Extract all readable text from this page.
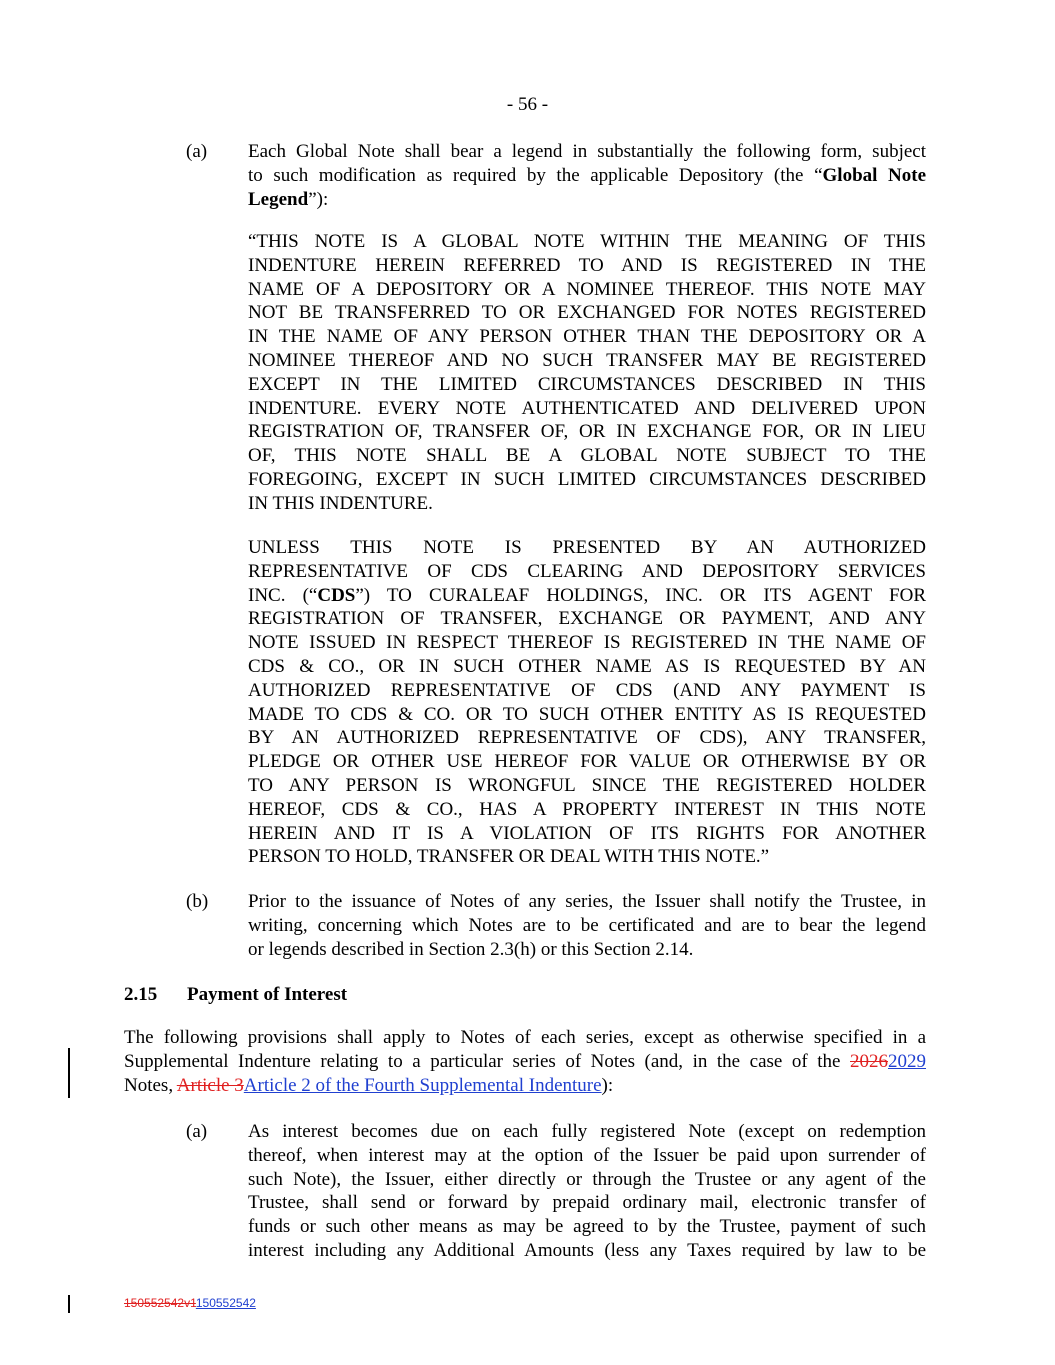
- 56 -
(a) Each Global Note shall bear a legend in substantially the following form, subject
to such modification as required by the applicable Depository (the “Global Note
Legend”):
“THIS NOTE IS A GLOBAL NOTE WITHIN THE MEANING OF THIS
INDENTURE HEREIN REFERRED TO AND IS REGISTERED IN THE
NAME OF A DEPOSITORY OR A NOMINEE THEREOF. THIS NOTE MAY
NOT BE TRANSFERRED TO OR EXCHANGED FOR NOTES REGISTERED
IN THE NAME OF ANY PERSON OTHER THAN THE DEPOSITORY OR A
NOMINEE THEREOF AND NO SUCH TRANSFER MAY BE REGISTERED
EXCEPT IN THE LIMITED CIRCUMSTANCES DESCRIBED IN THIS
INDENTURE. EVERY NOTE AUTHENTICATED AND DELIVERED UPON
REGISTRATION OF, TRANSFER OF, OR IN EXCHANGE FOR, OR IN LIEU
OF, THIS NOTE SHALL BE A GLOBAL NOTE SUBJECT TO THE
FOREGOING, EXCEPT IN SUCH LIMITED CIRCUMSTANCES DESCRIBED
IN THIS INDENTURE.
UNLESS THIS NOTE IS PRESENTED BY AN AUTHORIZED
REPRESENTATIVE OF CDS CLEARING AND DEPOSITORY SERVICES
INC. (“CDS”) TO CURALEAF HOLDINGS, INC. OR ITS AGENT FOR
REGISTRATION OF TRANSFER, EXCHANGE OR PAYMENT, AND ANY
NOTE ISSUED IN RESPECT THEREOF IS REGISTERED IN THE NAME OF
CDS & CO., OR IN SUCH OTHER NAME AS IS REQUESTED BY AN
AUTHORIZED REPRESENTATIVE OF CDS (AND ANY PAYMENT IS
MADE TO CDS & CO. OR TO SUCH OTHER ENTITY AS IS REQUESTED
BY AN AUTHORIZED REPRESENTATIVE OF CDS), ANY TRANSFER,
PLEDGE OR OTHER USE HEREOF FOR VALUE OR OTHERWISE BY OR
TO ANY PERSON IS WRONGFUL SINCE THE REGISTERED HOLDER
HEREOF, CDS & CO., HAS A PROPERTY INTEREST IN THIS NOTE
HEREIN AND IT IS A VIOLATION OF ITS RIGHTS FOR ANOTHER
PERSON TO HOLD, TRANSFER OR DEAL WITH THIS NOTE.”
(b) Prior to the issuance of Notes of any series, the Issuer shall notify the Trustee, in
writing, concerning which Notes are to be certificated and are to bear the legend
or legends described in Section 2.3(h) or this Section 2.14.
2.15 Payment of Interest
The following provisions shall apply to Notes of each series, except as otherwise specified in a
Supplemental Indenture relating to a particular series of Notes (and, in the case of the 20262029
Notes, Article 3Article 2 of the Fourth Supplemental Indenture):
(a) As interest becomes due on each fully registered Note (except on redemption
thereof, when interest may at the option of the Issuer be paid upon surrender of
such Note), the Issuer, either directly or through the Trustee or any agent of the
Trustee, shall send or forward by prepaid ordinary mail, electronic transfer of
funds or such other means as may be agreed to by the Trustee, payment of such
interest including any Additional Amounts (less any Taxes required by law to be
150552542v1150552542
